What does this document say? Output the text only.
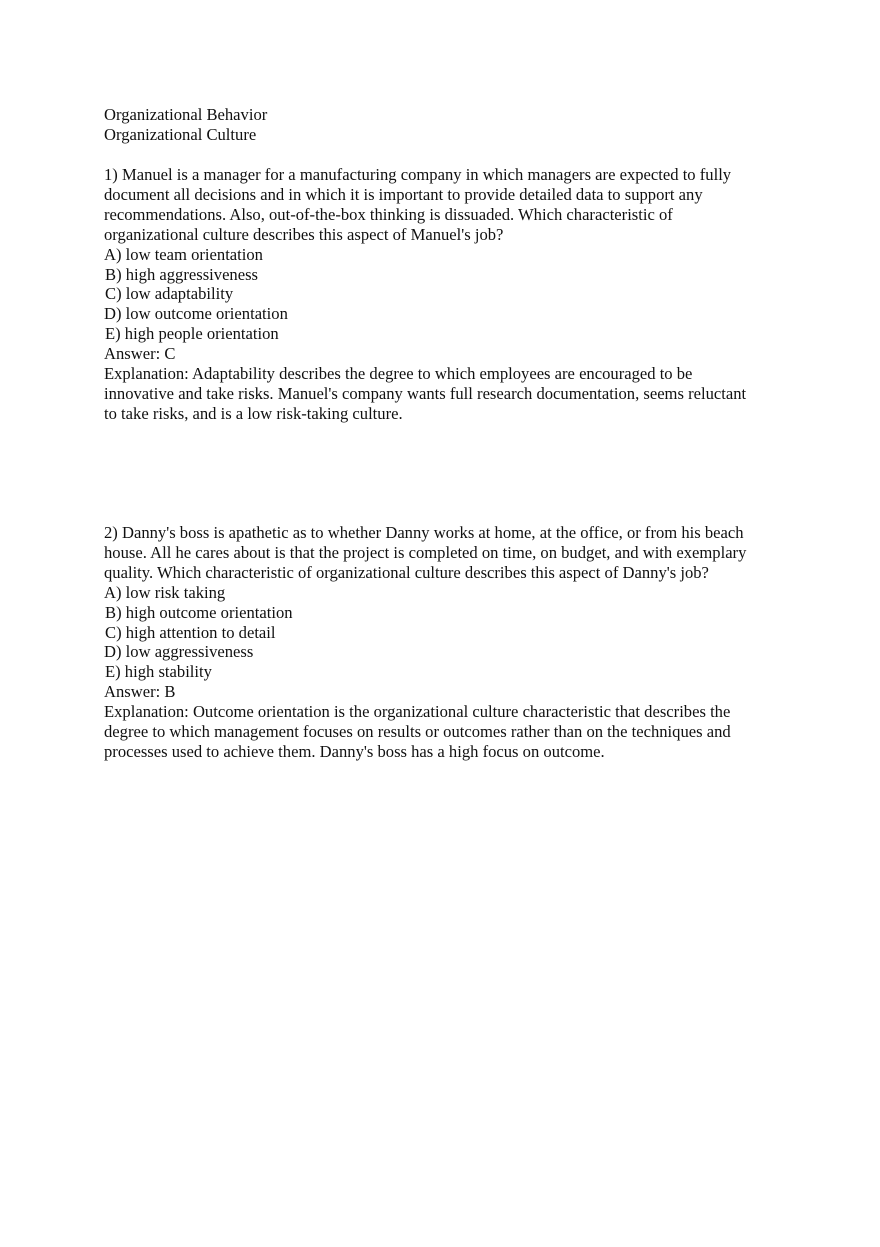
Organizational Behavior
Organizational Culture
1) Manuel is a manager for a manufacturing company in which managers are expected to fully
document all decisions and in which it is important to provide detailed data to support any
recommendations. Also, out-of-the-box thinking is dissuaded. Which characteristic of
organizational culture describes this aspect of Manuel's job?
A) low team orientation
B) high aggressiveness
C) low adaptability
D) low outcome orientation
E) high people orientation
Answer: C
Explanation: Adaptability describes the degree to which employees are encouraged to be
innovative and take risks. Manuel's company wants full research documentation, seems reluctant
to take risks, and is a low risk-taking culture.
2) Danny's boss is apathetic as to whether Danny works at home, at the office, or from his beach
house. All he cares about is that the project is completed on time, on budget, and with exemplary
quality. Which characteristic of organizational culture describes this aspect of Danny's job?
A) low risk taking
B) high outcome orientation
C) high attention to detail
D) low aggressiveness
E) high stability
Answer: B
Explanation: Outcome orientation is the organizational culture characteristic that describes the
degree to which management focuses on results or outcomes rather than on the techniques and
processes used to achieve them. Danny's boss has a high focus on outcome.
